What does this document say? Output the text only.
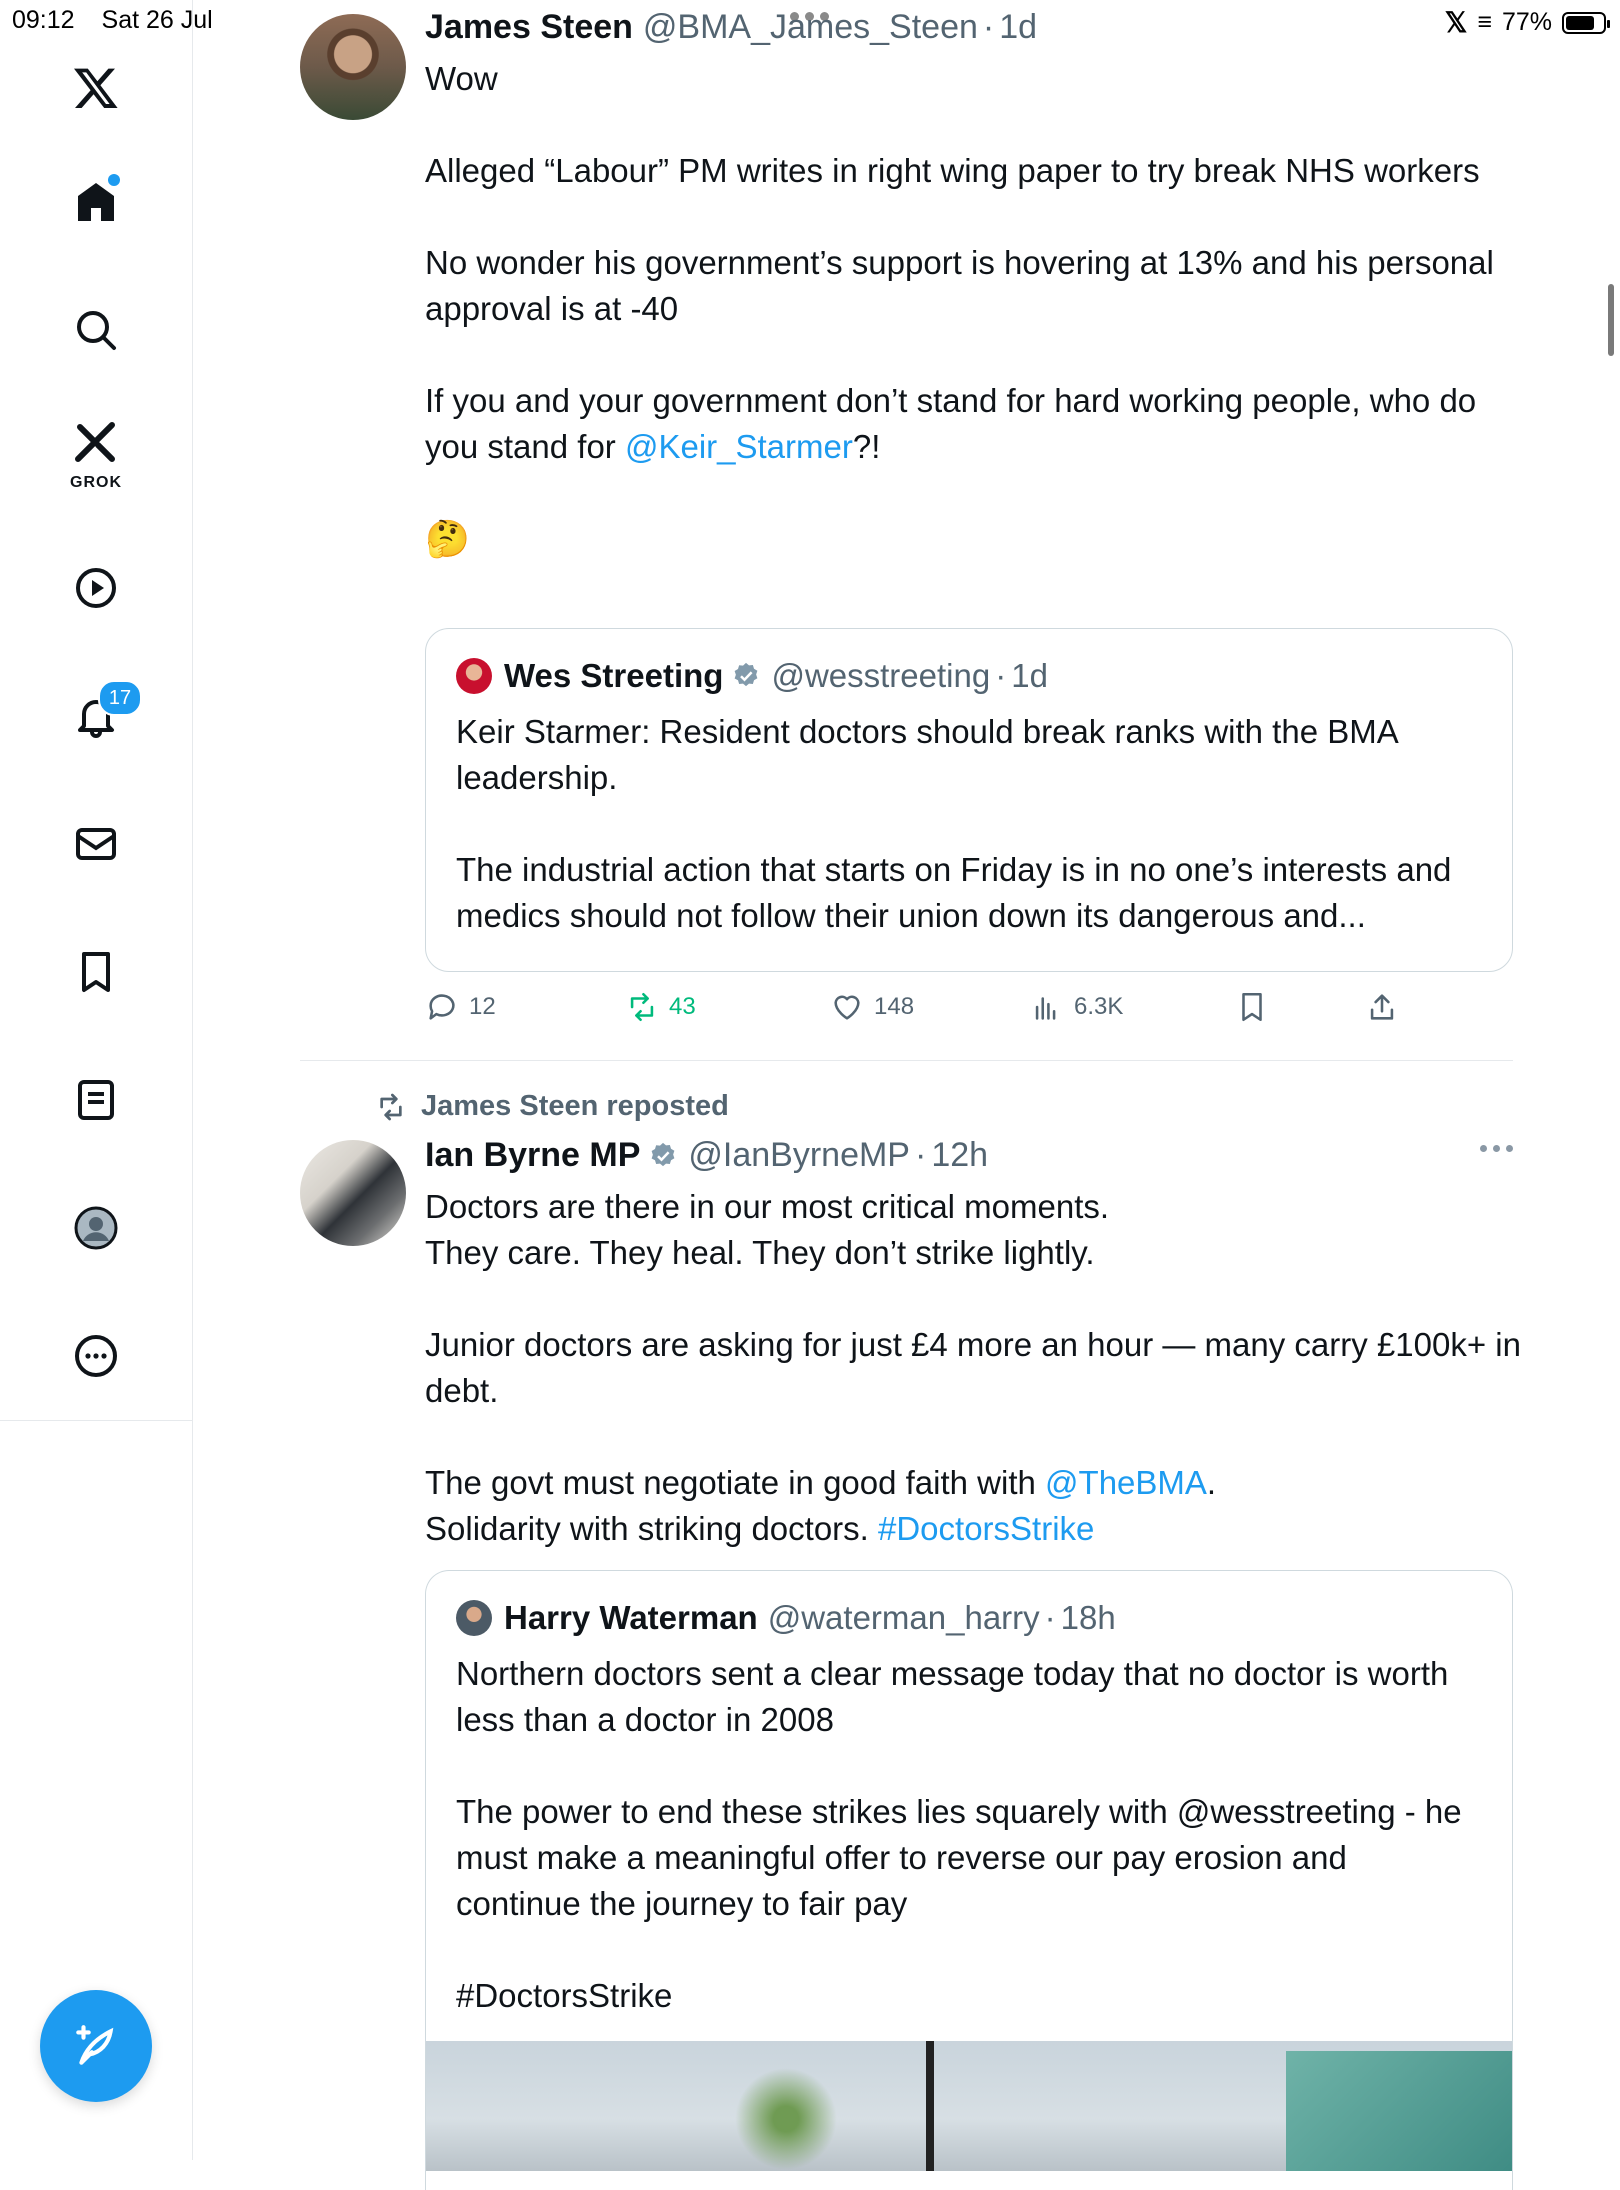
09:12 Sat 26 Jul	𝕏 ≡ 77%
GROK
17
James Steen @BMA_James_Steen · 1d

Wow

Alleged “Labour” PM writes in right wing paper to try break NHS workers

No wonder his government’s support is hovering at 13% and his personal approval is at -40

If you and your government don’t stand for hard working people, who do you stand for @Keir_Starmer?!

🤔

Wes Streeting @wesstreeting · 1d

Keir Starmer: Resident doctors should break ranks with the BMA leadership.

The industrial action that starts on Friday is in no one’s interests and medics should not follow their union down its dangerous and...

12	43	148	6.3K
James Steen reposted
Ian Byrne MP @IanByrneMP · 12h

Doctors are there in our most critical moments.

They care. They heal. They don’t strike lightly.

Junior doctors are asking for just £4 more an hour — many carry £100k+ in debt.

The govt must negotiate in good faith with @TheBMA.

Solidarity with striking doctors. #DoctorsStrike

Harry Waterman @waterman_harry · 18h

Northern doctors sent a clear message today that no doctor is worth less than a doctor in 2008

The power to end these strikes lies squarely with @wesstreeting - he must make a meaningful offer to reverse our pay erosion and continue the journey to fair pay

#DoctorsStrike
